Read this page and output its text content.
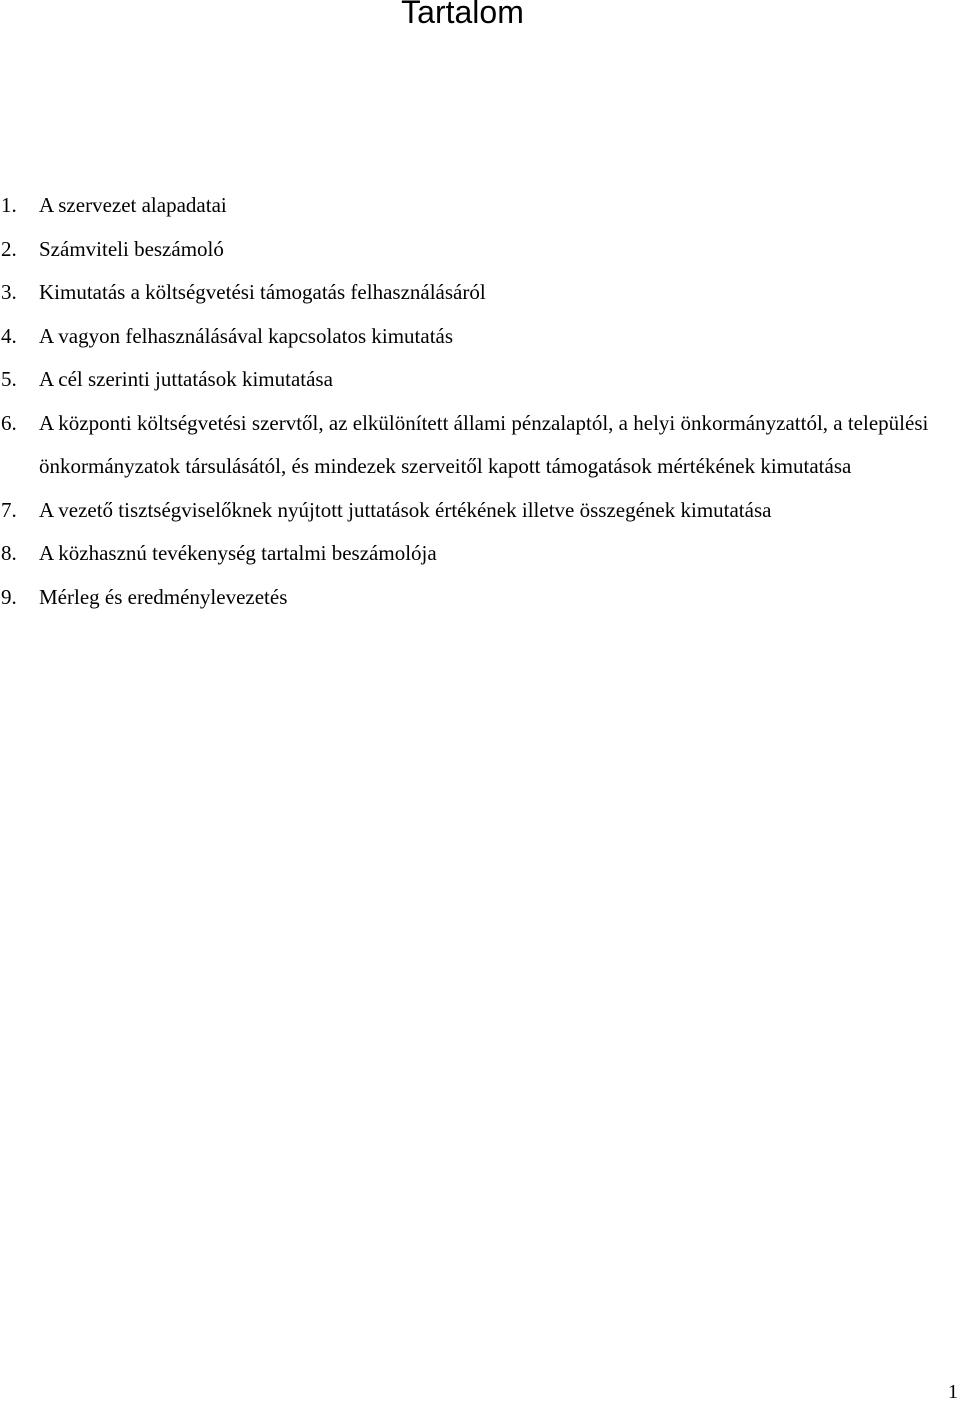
Tartalom
1. A szervezet alapadatai
2. Számviteli beszámoló
3. Kimutatás a költségvetési támogatás felhasználásáról
4. A vagyon felhasználásával kapcsolatos kimutatás
5. A cél szerinti juttatások kimutatása
6. A központi költségvetési szervtől, az elkülönített állami pénzalaptól, a helyi önkormányzattól, a települési önkormányzatok társulásától, és mindezek szerveitől kapott támogatások mértékének kimutatása
7. A vezető tisztségviselőknek nyújtott juttatások értékének illetve összegének kimutatása
8. A közhasznú tevékenység tartalmi beszámolója
9. Mérleg és eredménylevezetés
1
